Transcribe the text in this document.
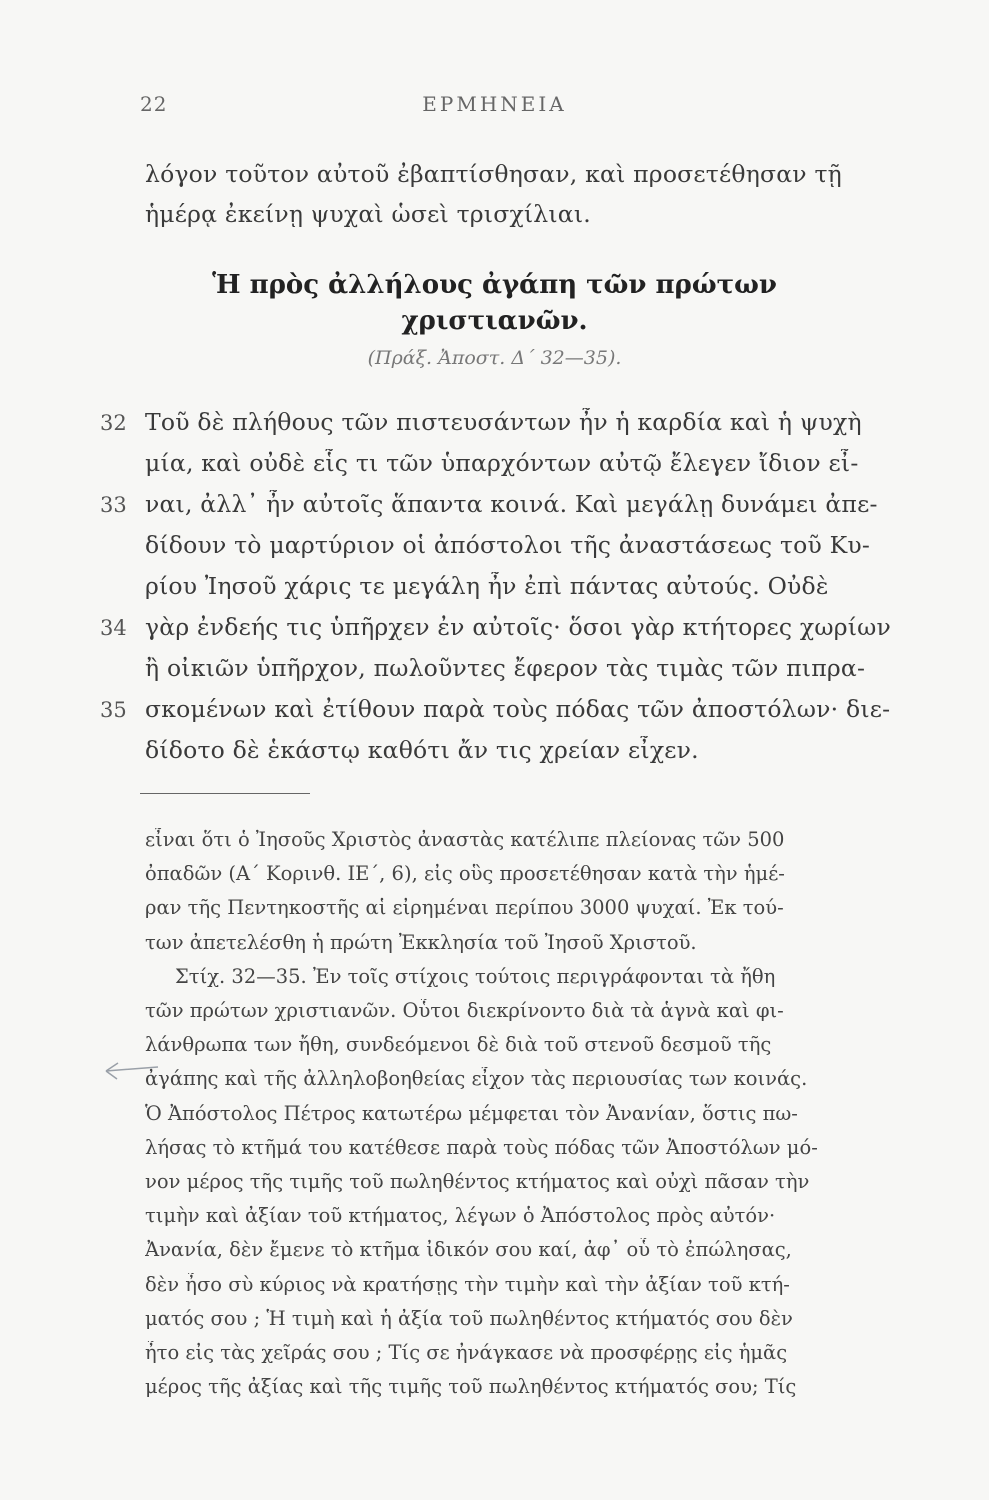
22	ΕΡΜΗΝΕΙΑ
λόγον τοῦτον αὐτοῦ ἐβαπτίσθησαν, καὶ προσετέθησαν τῇ
ἡμέρᾳ ἐκείνῃ ψυχαὶ ὡσεὶ τρισχίλιαι.
Ἡ πρὸς ἀλλήλους ἀγάπη τῶν πρώτων
χριστιανῶν.
(Πράξ. Ἀποστ. Δ΄ 32—35).
32 Τοῦ δὲ πλήθους τῶν πιστευσάντων ἦν ἡ καρδία καὶ ἡ ψυχὴ
μία, καὶ οὐδὲ εἷς τι τῶν ὑπαρχόντων αὐτῷ ἔλεγεν ἴδιον εἶ-
33 ναι, ἀλλ᾽ ἦν αὐτοῖς ἅπαντα κοινά. Καὶ μεγάλῃ δυνάμει ἀπε-
δίδουν τὸ μαρτύριον οἱ ἀπόστολοι τῆς ἀναστάσεως τοῦ Κυ-
ρίου Ἰησοῦ χάρις τε μεγάλη ἦν ἐπὶ πάντας αὐτούς. Οὐδὲ
34 γὰρ ἐνδεής τις ὑπῆρχεν ἐν αὐτοῖς· ὅσοι γὰρ κτήτορες χωρίων
ἢ οἰκιῶν ὑπῆρχον, πωλοῦντες ἔφερον τὰς τιμὰς τῶν πιπρα-
35 σκομένων καὶ ἐτίθουν παρὰ τοὺς πόδας τῶν ἀποστόλων· διε-
δίδοτο δὲ ἑκάστῳ καθότι ἄν τις χρείαν εἶχεν.
εἶναι ὅτι ὁ Ἰησοῦς Χριστὸς ἀναστὰς κατέλιπε πλείονας τῶν 500
ὀπαδῶν (Α΄ Κορινθ. ΙΕ΄, 6), εἰς οὓς προσετέθησαν κατὰ τὴν ἡμέ-
ραν τῆς Πεντηκοστῆς αἱ εἰρημέναι περίπου 3000 ψυχαί. Ἐκ τού-
των ἀπετελέσθη ἡ πρώτη Ἐκκλησία τοῦ Ἰησοῦ Χριστοῦ.
Στίχ. 32—35. Ἐν τοῖς στίχοις τούτοις περιγράφονται τὰ ἤθη
τῶν πρώτων χριστιανῶν. Οὗτοι διεκρίνοντο διὰ τὰ ἁγνὰ καὶ φι-
λάνθρωπα των ἤθη, συνδεόμενοι δὲ διὰ τοῦ στενοῦ δεσμοῦ τῆς
ἀγάπης καὶ τῆς ἀλληλοβοηθείας εἶχον τὰς περιουσίας των κοινάς.
Ὁ Ἀπόστολος Πέτρος κατωτέρω μέμφεται τὸν Ἀνανίαν, ὅστις πω-
λήσας τὸ κτῆμά του κατέθεσε παρὰ τοὺς πόδας τῶν Ἀποστόλων μό-
νον μέρος τῆς τιμῆς τοῦ πωληθέντος κτήματος καὶ οὐχὶ πᾶσαν τὴν
τιμὴν καὶ ἀξίαν τοῦ κτήματος, λέγων ὁ Ἀπόστολος πρὸς αὐτόν·
Ἀνανία, δὲν ἔμενε τὸ κτῆμα ἰδικόν σου καί, ἀφ᾽ οὗ τὸ ἐπώλησας,
δὲν ἦσο σὺ κύριος νὰ κρατήσῃς τὴν τιμὴν καὶ τὴν ἀξίαν τοῦ κτή-
ματός σου ; Ἡ τιμὴ καὶ ἡ ἀξία τοῦ πωληθέντος κτήματός σου δὲν
ἦτο εἰς τὰς χεῖράς σου ; Τίς σε ἠνάγκασε νὰ προσφέρῃς εἰς ἡμᾶς
μέρος τῆς ἀξίας καὶ τῆς τιμῆς τοῦ πωληθέντος κτήματός σου; Τίς
